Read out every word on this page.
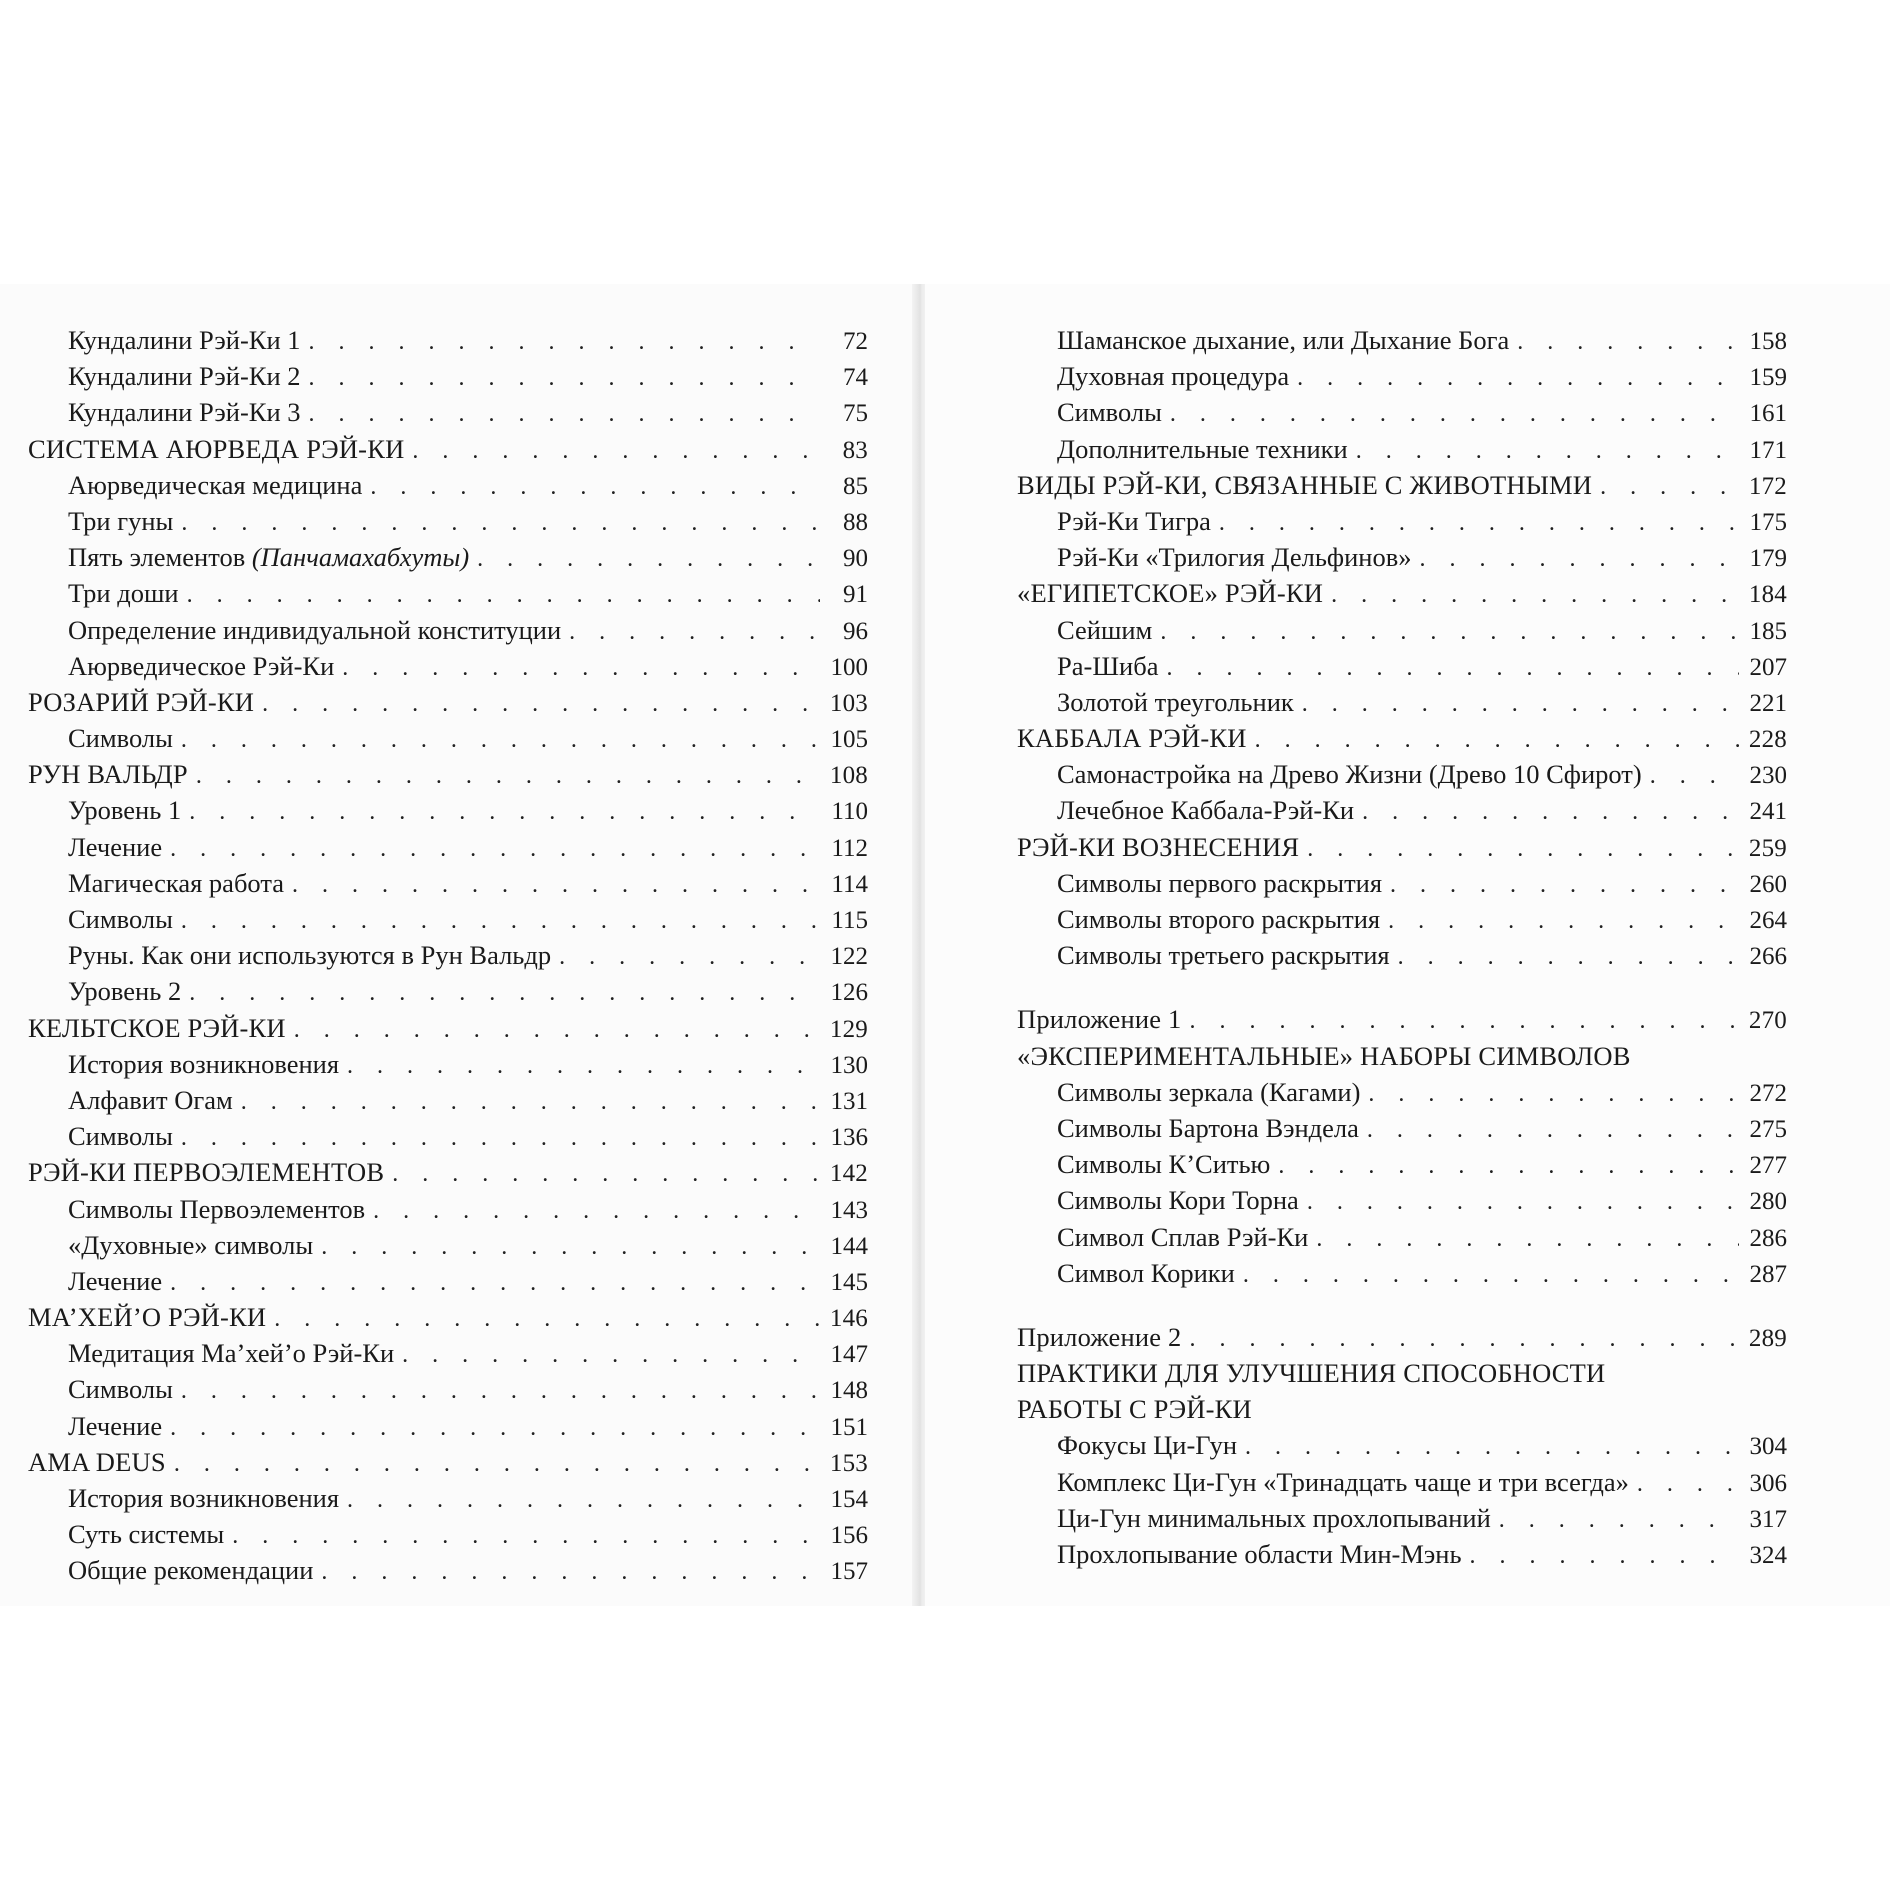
Кундалини Рэй-Ки 1 . . .	72
Кундалини Рэй-Ки 2 . . .	74
Кундалини Рэй-Ки 3 . . .	75
СИСТЕМА АЮРВЕДА РЭЙ-КИ . . .	83
Аюрведическая медицина . . .	85
Три гуны . . .	88
Пять элементов (Панчамахабхуты) . . .	90
Три доши . . .	91
Определение индивидуальной конституции . . .	96
Аюрведическое Рэй-Ки . . .	100
РОЗАРИЙ РЭЙ-КИ . . .	103
Символы . . .	105
РУН ВАЛЬДР . . .	108
Уровень 1 . . .	110
Лечение . . .	112
Магическая работа . . .	114
Символы . . .	115
Руны. Как они используются в Рун Вальдр . . .	122
Уровень 2 . . .	126
КЕЛЬТСКОЕ РЭЙ-КИ . . .	129
История возникновения . . .	130
Алфавит Огам . . .	131
Символы . . .	136
РЭЙ-КИ ПЕРВОЭЛЕМЕНТОВ . . .	142
Символы Первоэлементов . . .	143
«Духовные» символы . . .	144
Лечение . . .	145
МА’ХЕЙ’О РЭЙ-КИ . . .	146
Медитация Ма’хей’о Рэй-Ки . . .	147
Символы . . .	148
Лечение . . .	151
AMA DEUS . . .	153
История возникновения . . .	154
Суть системы . . .	156
Общие рекомендации . . .	157
Шаманское дыхание, или Дыхание Бога . . .	158
Духовная процедура . . .	159
Символы . . .	161
Дополнительные техники . . .	171
ВИДЫ РЭЙ-КИ, СВЯЗАННЫЕ С ЖИВОТНЫМИ . . .	172
Рэй-Ки Тигра . . .	175
Рэй-Ки «Трилогия Дельфинов» . . .	179
«ЕГИПЕТСКОЕ» РЭЙ-КИ . . .	184
Сейшим . . .	185
Ра-Шиба . . .	207
Золотой треугольник . . .	221
КАББАЛА РЭЙ-КИ . . .	228
Самонастройка на Древо Жизни (Древо 10 Сфирот) . . .	230
Лечебное Каббала-Рэй-Ки . . .	241
РЭЙ-КИ ВОЗНЕСЕНИЯ . . .	259
Символы первого раскрытия . . .	260
Символы второго раскрытия . . .	264
Символы третьего раскрытия . . .	266
Приложение 1 . . .	270
«ЭКСПЕРИМЕНТАЛЬНЫЕ» НАБОРЫ СИМВОЛОВ
Символы зеркала (Кагами) . . .	272
Символы Бартона Вэндела . . .	275
Символы К’Ситью . . .	277
Символы Кори Торна . . .	280
Символ Сплав Рэй-Ки . . .	286
Символ Корики . . .	287
Приложение 2 . . .	289
ПРАКТИКИ ДЛЯ УЛУЧШЕНИЯ СПОСОБНОСТИ
РАБОТЫ С РЭЙ-КИ
Фокусы Ци-Гун . . .	304
Комплекс Ци-Гун «Тринадцать чаще и три всегда» . . .	306
Ци-Гун минимальных прохлопываний . . .	317
Прохлопывание области Мин-Мэнь . . .	324
